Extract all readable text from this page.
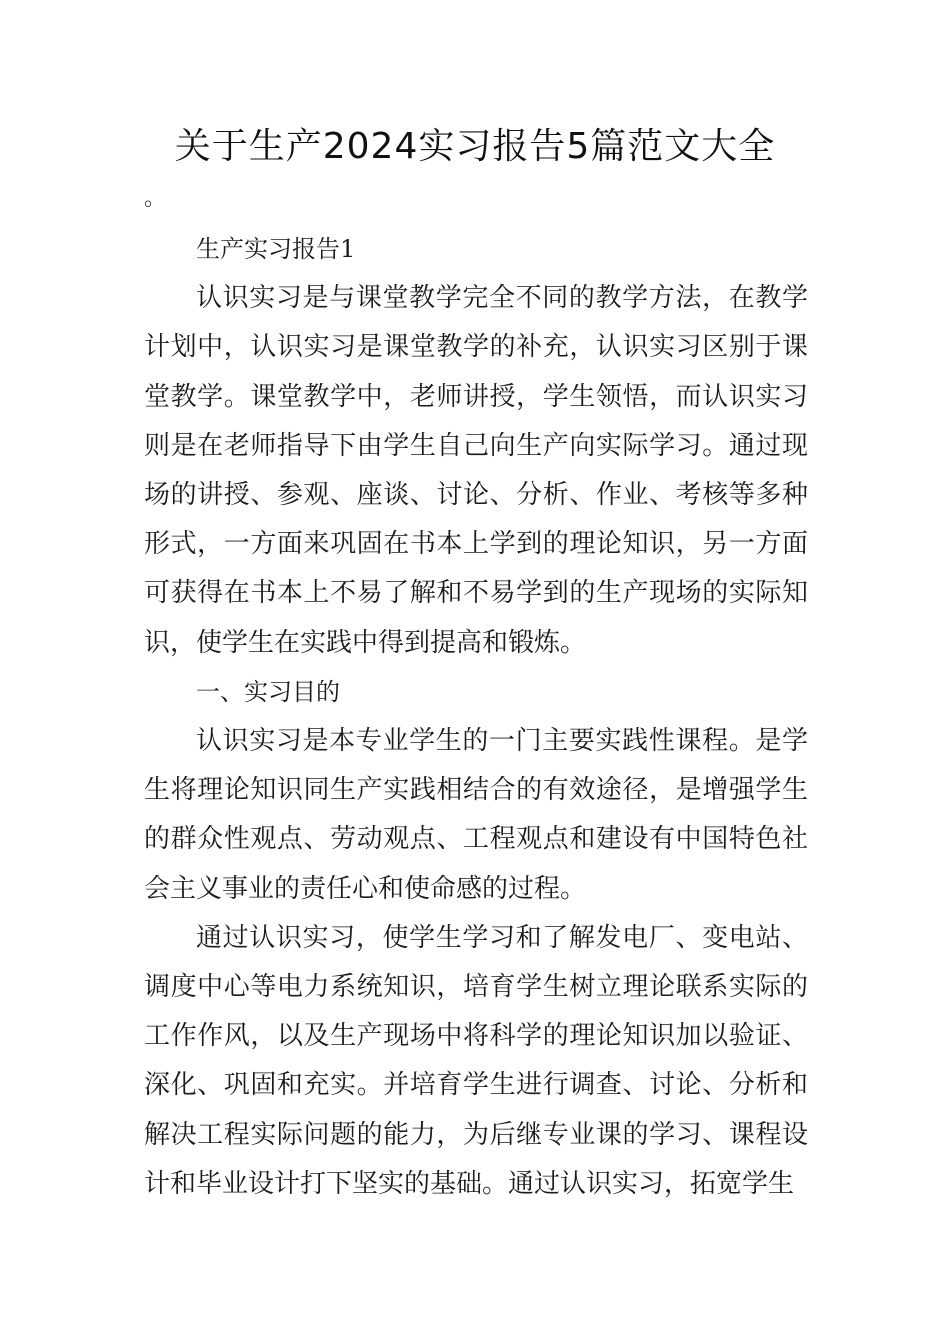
关于生产2024实习报告5篇范文大全
。

生产实习报告1

认识实习是与课堂教学完全不同的教学方法，在教学计划中，认识实习是课堂教学的补充，认识实习区别于课堂教学。课堂教学中，老师讲授，学生领悟，而认识实习则是在老师指导下由学生自己向生产向实际学习。通过现场的讲授、参观、座谈、讨论、分析、作业、考核等多种形式，一方面来巩固在书本上学到的理论知识，另一方面可获得在书本上不易了解和不易学到的生产现场的实际知识，使学生在实践中得到提高和锻炼。

一、实习目的

认识实习是本专业学生的一门主要实践性课程。是学生将理论知识同生产实践相结合的有效途径，是增强学生的群众性观点、劳动观点、工程观点和建设有中国特色社会主义事业的责任心和使命感的过程。

通过认识实习，使学生学习和了解发电厂、变电站、调度中心等电力系统知识，培育学生树立理论联系实际的工作作风，以及生产现场中将科学的理论知识加以验证、深化、巩固和充实。并培育学生进行调查、讨论、分析和解决工程实际问题的能力，为后继专业课的学习、课程设计和毕业设计打下坚实的基础。通过认识实习，拓宽学生
